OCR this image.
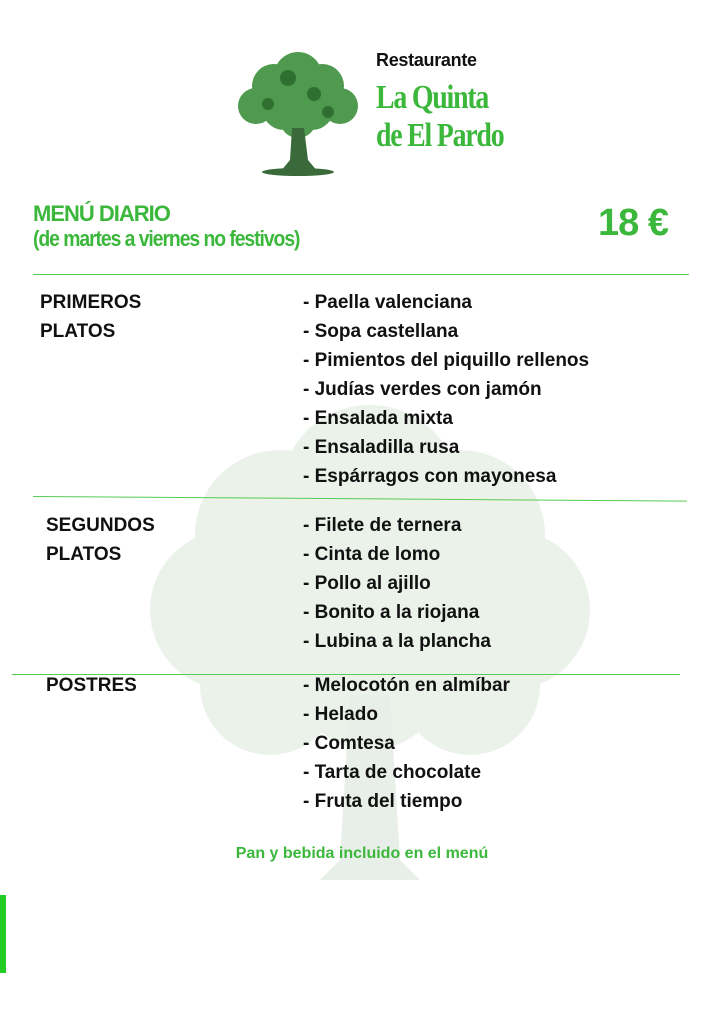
Restaurante
La Quinta
de El Pardo
MENÚ DIARIO
(de martes a viernes no festivos)	18 €
PRIMEROS
PLATOS
- Paella valenciana
- Sopa castellana
- Pimientos del piquillo rellenos
- Judías verdes con jamón
- Ensalada mixta
- Ensaladilla rusa
- Espárragos con mayonesa
SEGUNDOS
PLATOS
- Filete de ternera
- Cinta de lomo
- Pollo al ajillo
- Bonito a la riojana
- Lubina a la plancha
POSTRES	- Melocotón en almíbar
- Helado
- Comtesa
- Tarta de chocolate
- Fruta del tiempo
Pan y bebida incluido en el menú
